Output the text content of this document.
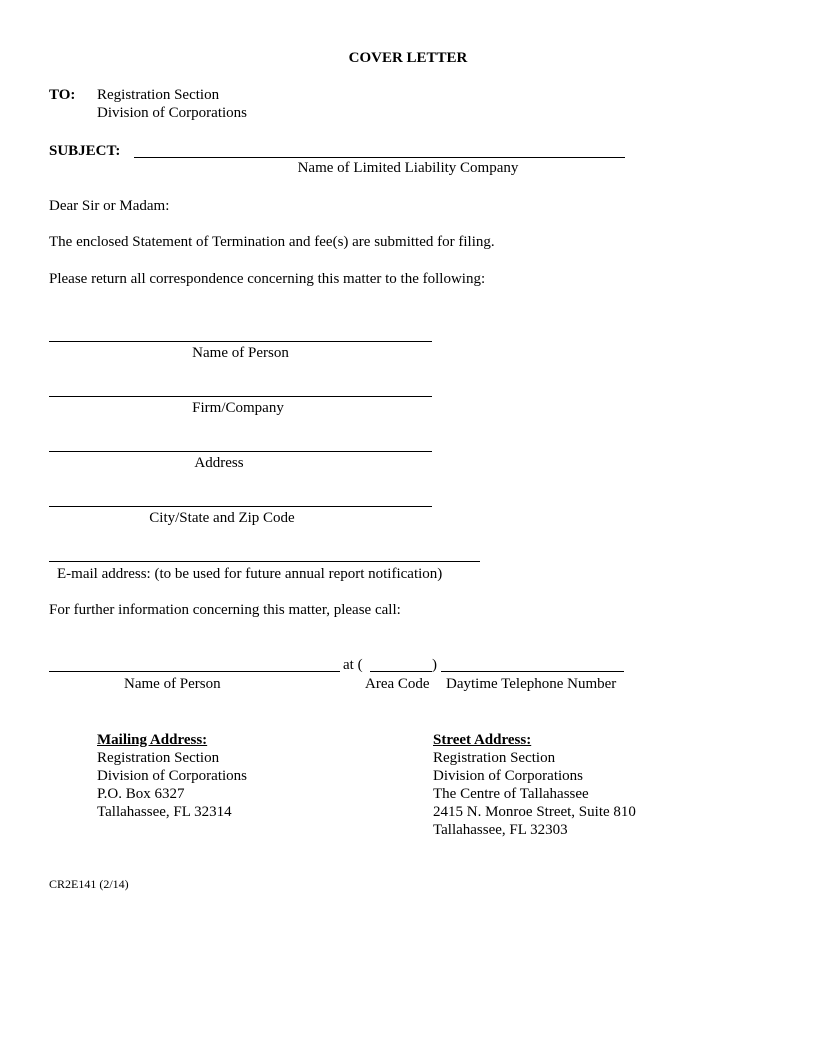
COVER LETTER
TO: Registration Section
Division of Corporations
SUBJECT:
Name of Limited Liability Company
Dear Sir or Madam:
The enclosed Statement of Termination and fee(s) are submitted for filing.
Please return all correspondence concerning this matter to the following:
Name of Person
Firm/Company
Address
City/State and Zip Code
E-mail address: (to be used for future annual report notification)
For further information concerning this matter, please call:
at (	)
Name of Person	Area Code Daytime Telephone Number
Mailing Address:
Registration Section
Division of Corporations
P.O. Box 6327
Tallahassee, FL 32314
Street Address:
Registration Section
Division of Corporations
The Centre of Tallahassee
2415 N. Monroe Street, Suite 810
Tallahassee, FL 32303
CR2E141 (2/14)
